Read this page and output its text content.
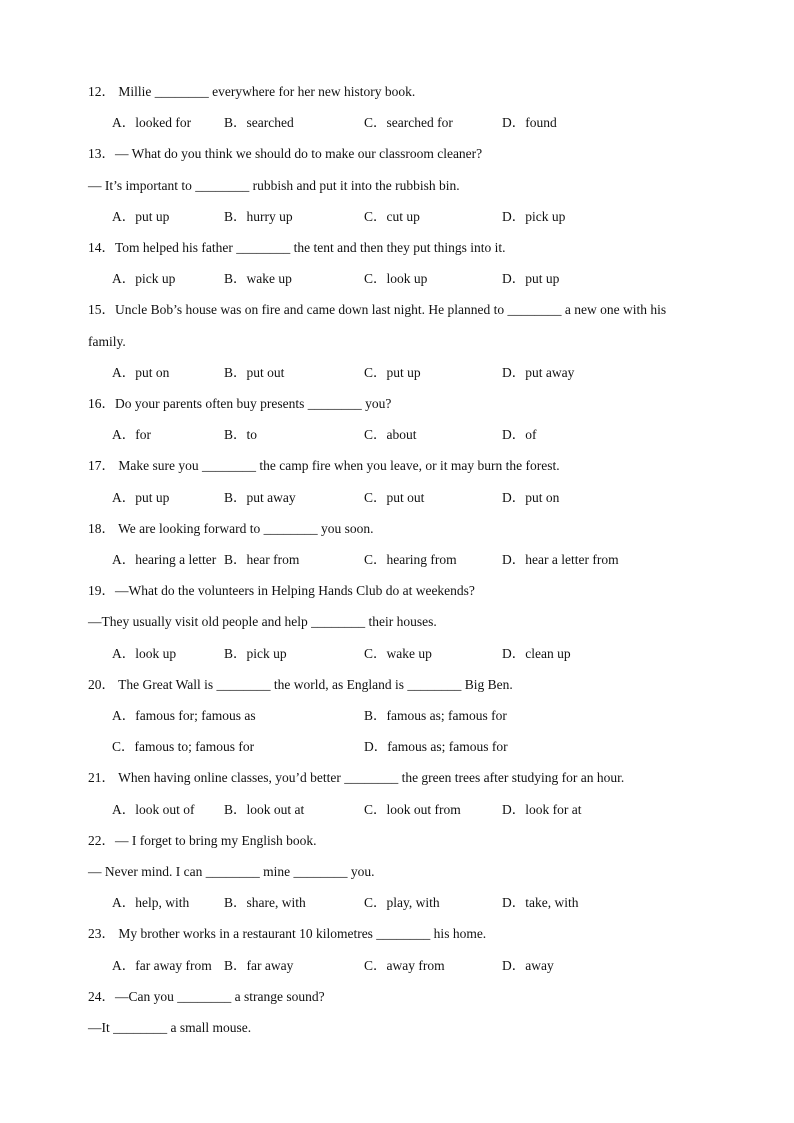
12． Millie ________ everywhere for her new history book.
A．looked for B．searched	C．searched for	D．found
13．— What do you think we should do to make our classroom cleaner?
— It’s important to ________ rubbish and put it into the rubbish bin.
A．put up	B．hurry up	C．cut up	D．pick up
14．Tom helped his father ________ the tent and then they put things into it.
A．pick up	B．wake up	C．look up	D．put up
15．Uncle Bob’s house was on fire and came down last night. He planned to ________ a new one with his
family.
A．put on	B．put out	C．put up	D．put away
16．Do your parents often buy presents ________ you?
A．for	B．to	C．about	D．of
17． Make sure you ________ the camp fire when you leave, or it may burn the forest.
A．put up	B．put away	C．put out	D．put on
18． We are looking forward to ________ you soon.
A．hearing a letter B．hear from	C．hearing from	D．hear a letter from
19．—What do the volunteers in Helping Hands Club do at weekends?
—They usually visit old people and help ________ their houses.
A．look up	B．pick up	C．wake up	D．clean up
20． The Great Wall is ________ the world, as England is ________ Big Ben.
A．famous for; famous as	B．famous as; famous for
C．famous to; famous for	D．famous as; famous for
21． When having online classes, you’d better ________ the green trees after studying for an hour.
A．look out of B．look out at	C．look out from	D．look for at
22．— I forget to bring my English book.
— Never mind. I can ________ mine ________ you.
A．help, with	B．share, with	C．play, with	D．take, with
23． My brother works in a restaurant 10 kilometres ________ his home.
A．far away from B．far away	C．away from	D．away
24．—Can you ________ a strange sound?
—It ________ a small mouse.
